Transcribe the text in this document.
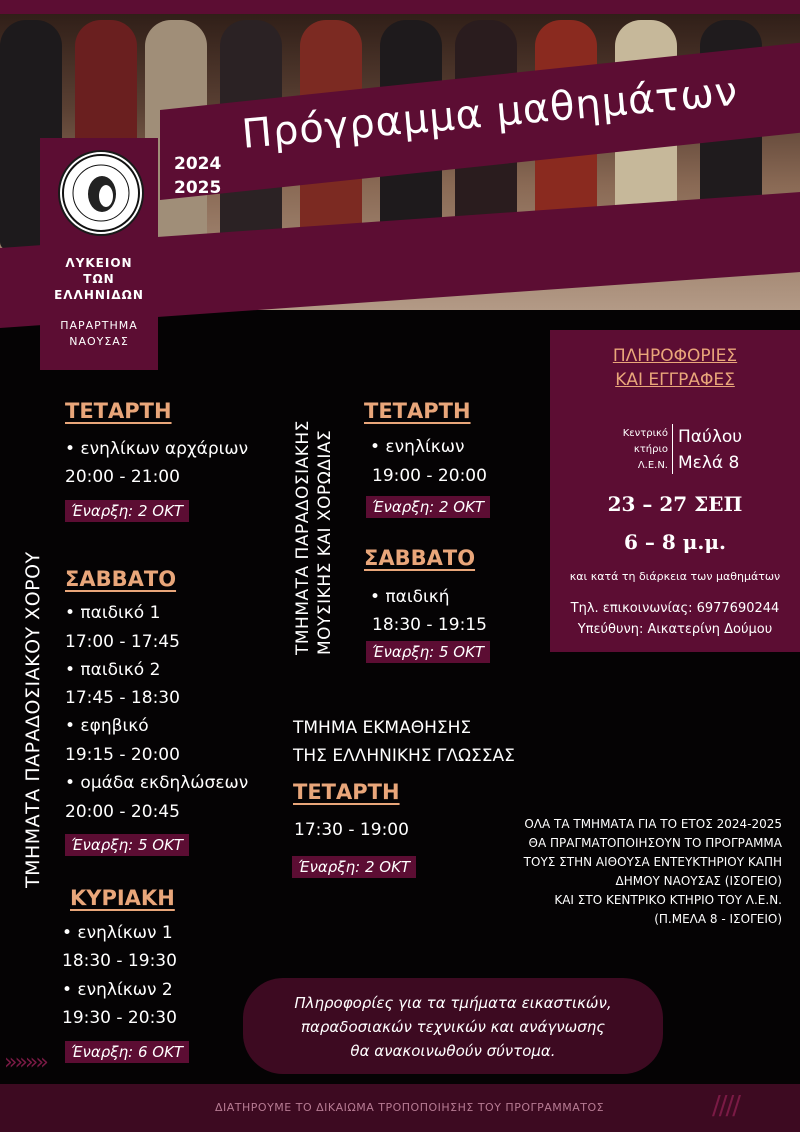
2024
2025
Πρόγραμμα μαθημάτων
ΛΥΚΕΙΟΝ
ΤΩΝ
ΕΛΛΗΝΙΔΩΝ
ΠΑΡΑΡΤΗΜΑ
ΝΑΟΥΣΑΣ
ΤΜΗΜΑΤΑ ΠΑΡΑΔΟΣΙΑΚΟΥ ΧΟΡΟΥ
ΤΕΤΑΡΤΗ
• ενηλίκων αρχάριων
20:00 - 21:00
Έναρξη: 2 ΟΚΤ
ΣΑΒΒΑΤΟ
• παιδικό 1
17:00 - 17:45
• παιδικό 2
17:45 - 18:30
• εφηβικό
19:15 - 20:00
• ομάδα εκδηλώσεων
20:00 - 20:45
Έναρξη: 5 ΟΚΤ
ΚΥΡΙΑΚΗ
• ενηλίκων 1
18:30 - 19:30
• ενηλίκων 2
19:30 - 20:30
Έναρξη: 6 ΟΚΤ
ΤΜΗΜΑΤΑ ΠΑΡΑΔΟΣΙΑΚΗΣ ΜΟΥΣΙΚΗΣ ΚΑΙ ΧΟΡΩΔΙΑΣ
ΤΕΤΑΡΤΗ
• ενηλίκων
19:00 - 20:00
Έναρξη: 2 ΟΚΤ
ΣΑΒΒΑΤΟ
• παιδική
18:30 - 19:15
Έναρξη: 5 ΟΚΤ
ΤΜΗΜΑ ΕΚΜΑΘΗΣΗΣ
ΤΗΣ ΕΛΛΗΝΙΚΗΣ ΓΛΩΣΣΑΣ
ΤΕΤΑΡΤΗ
17:30 - 19:00
Έναρξη: 2 ΟΚΤ
ΠΛΗΡΟΦΟΡΙΕΣ
ΚΑΙ ΕΓΓΡΑΦΕΣ
Κεντρικό
κτήριο
Λ.Ε.Ν.
Παύλου
Μελά 8
23 – 27 ΣΕΠ
6 – 8 μ.μ.
και κατά τη διάρκεια των μαθημάτων
Τηλ. επικοινωνίας: 6977690244
Υπεύθυνη: Αικατερίνη Δούμου
ΟΛΑ ΤΑ ΤΜΗΜΑΤΑ ΓΙΑ ΤΟ ΕΤΟΣ 2024-2025
ΘΑ ΠΡΑΓΜΑΤΟΠΟΙΗΣΟΥΝ ΤΟ ΠΡΟΓΡΑΜΜΑ
ΤΟΥΣ ΣΤΗΝ ΑΙΘΟΥΣΑ ΕΝΤΕΥΚΤΗΡΙΟΥ ΚΑΠΗ
ΔΗΜΟΥ ΝΑΟΥΣΑΣ (ΙΣΟΓΕΙΟ)
ΚΑΙ ΣΤΟ ΚΕΝΤΡΙΚΟ ΚΤΗΡΙΟ ΤΟΥ Λ.Ε.Ν.
(Π.ΜΕΛΑ 8 - ΙΣΟΓΕΙΟ)
Πληροφορίες για τα τμήματα εικαστικών,
παραδοσιακών τεχνικών και ανάγνωσης
θα ανακοινωθούν σύντομα.
»»»»
ΔΙΑΤΗΡΟΥΜΕ ΤΟ ΔΙΚΑΙΩΜΑ ΤΡΟΠΟΠΟΙΗΣΗΣ ΤΟΥ ΠΡΟΓΡΑΜΜΑΤΟΣ	////
